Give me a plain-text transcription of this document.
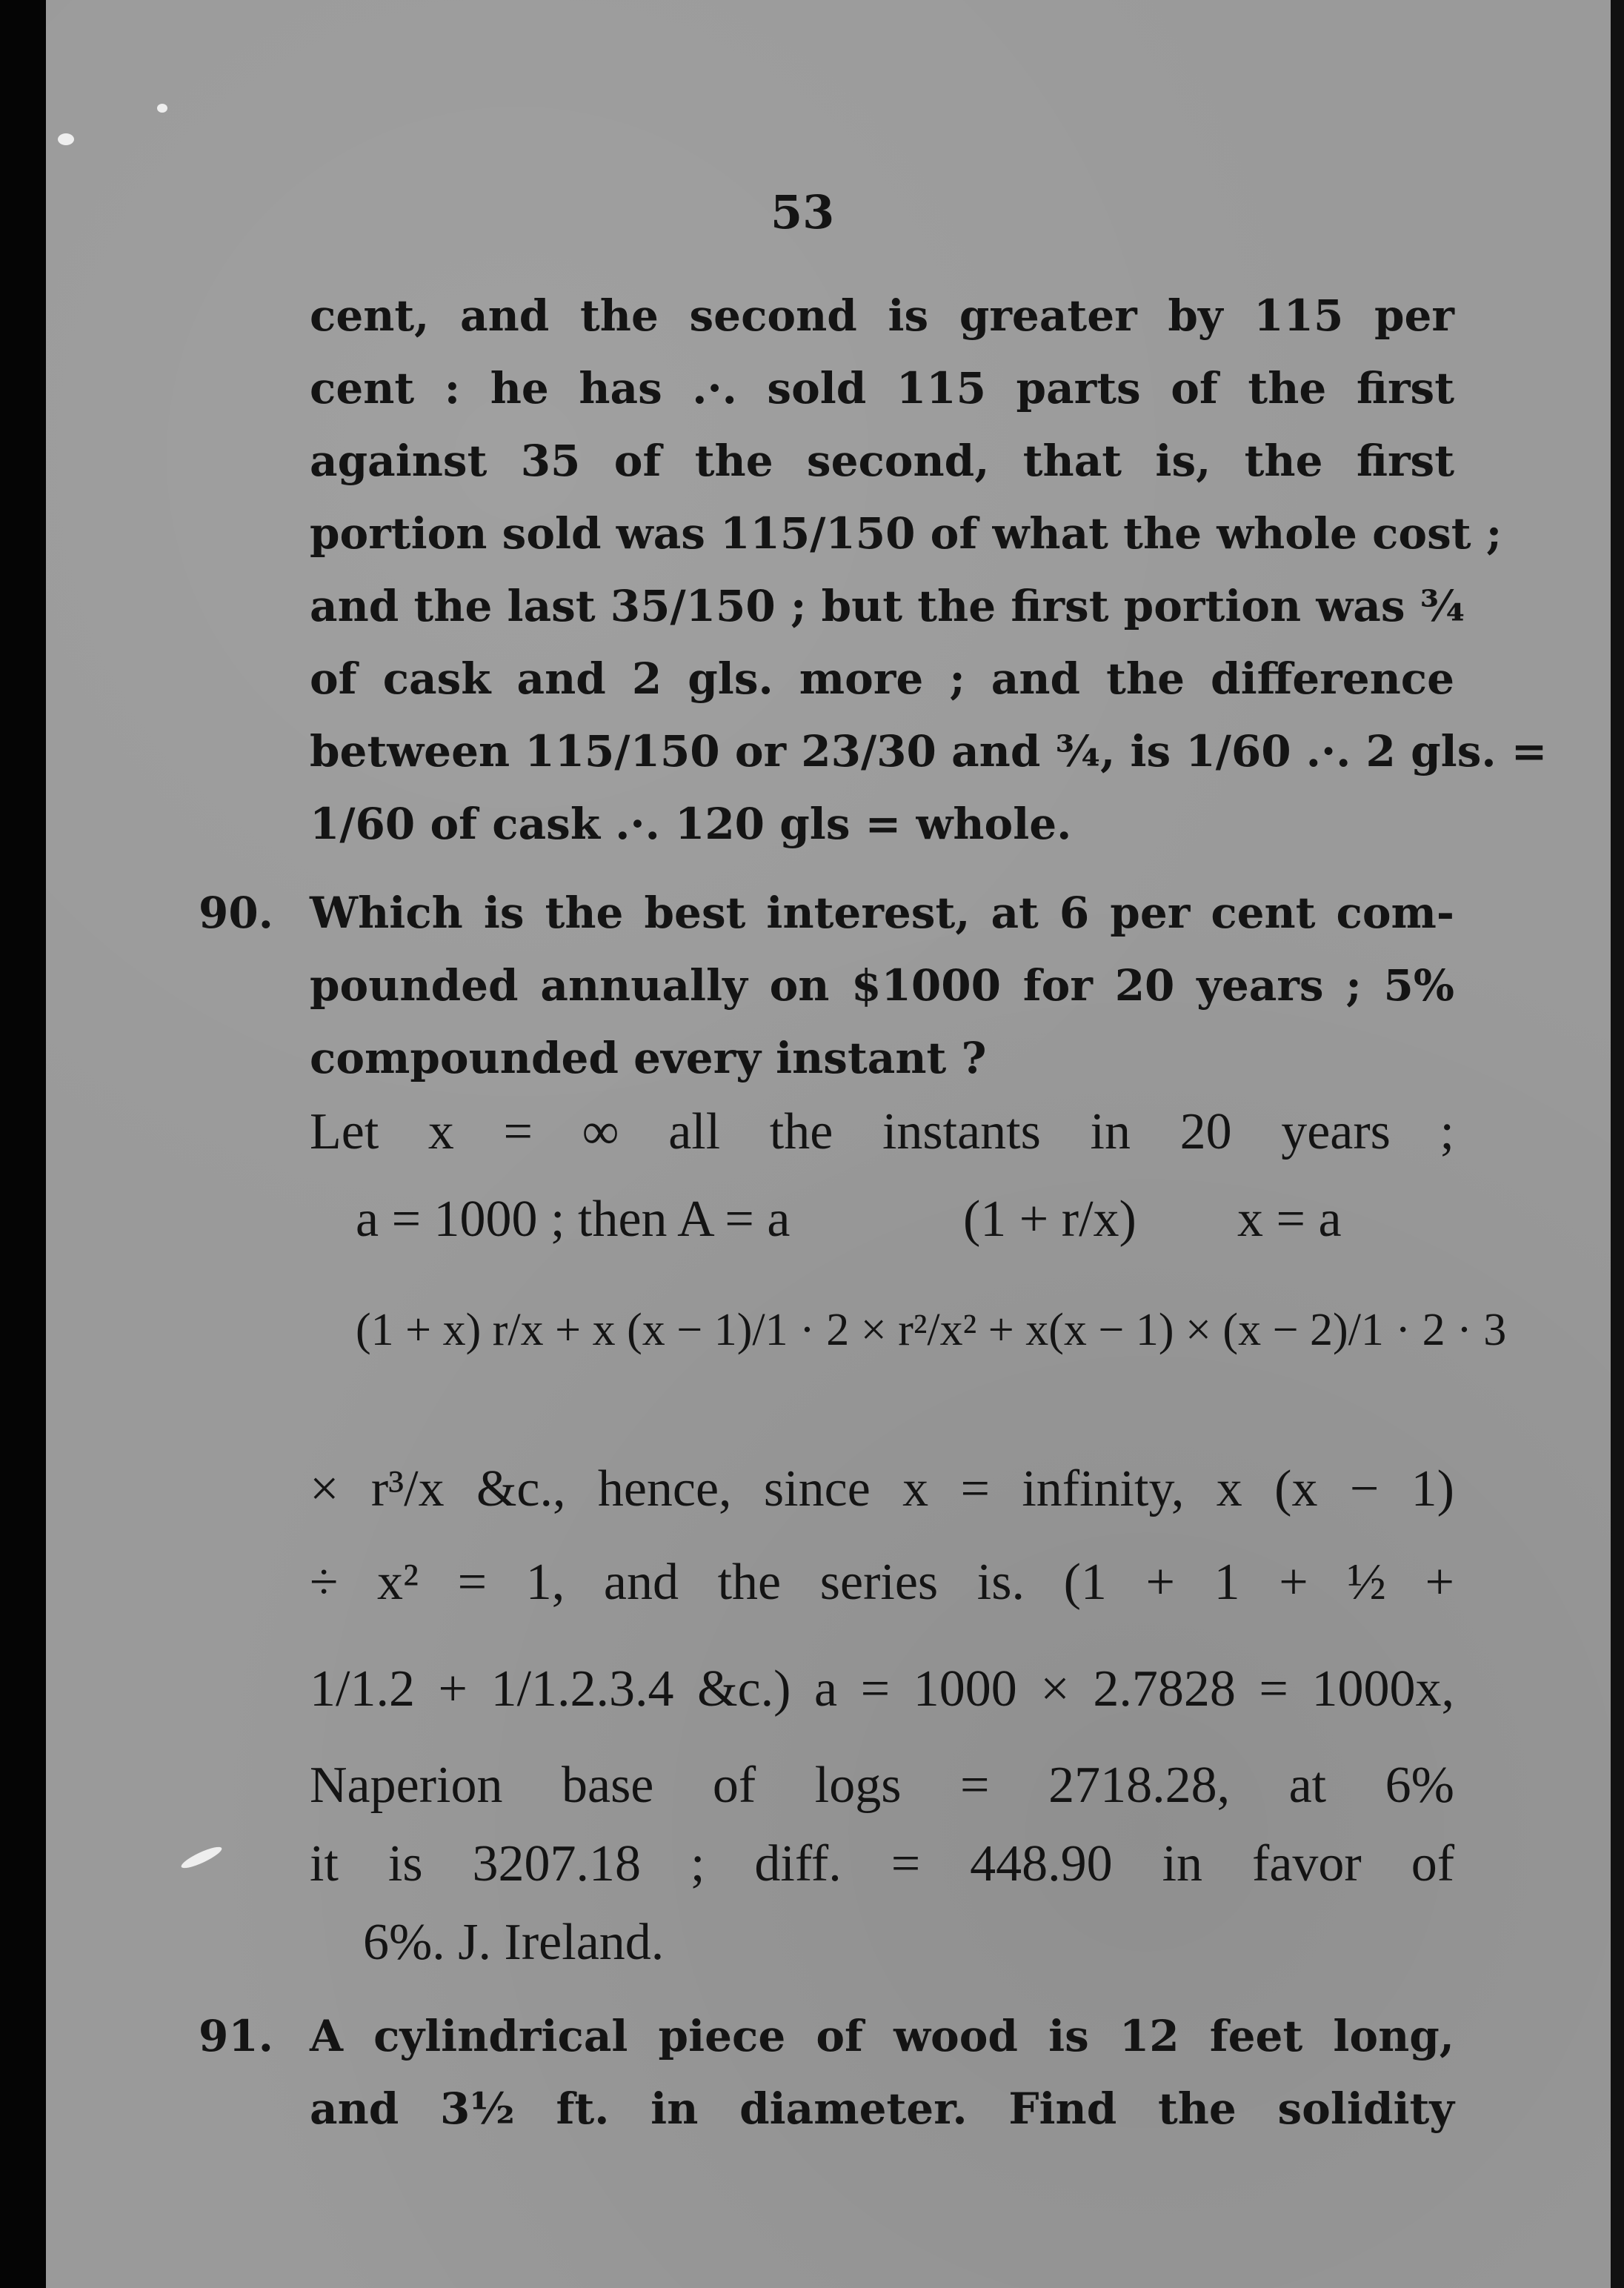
53
cent, and the second is greater by 115 per
cent : he has .·. sold 115 parts of the first
against 35 of the second, that is, the first
portion sold was 115/150 of what the whole cost ;
and the last 35/150 ; but the first portion was ¾
of cask and 2 gls. more ; and the difference
between 115/150 or 23/30 and ¾, is 1/60 .·. 2 gls. =
1/60 of cask .·. 120 gls = whole.
90. Which is the best interest, at 6 per cent com-
pounded annually on $1000 for 20 years ; 5%
compounded every instant ?
Let x = ∞ all the instants in 20 years ;
a = 1000 ; then A = a	(1 + r/x) x = a
(1 + x) r/x + x (x − 1)/1 · 2 × r²/x² + x(x − 1) × (x − 2)/1 · 2 · 3
× r³/x &c., hence, since x = infinity, x (x − 1)
÷ x² = 1, and the series is. (1 + 1 + ½ +
1/1.2 + 1/1.2.3.4 &c.) a = 1000 × 2.7828 = 1000x,
Naperion base of logs = 2718.28, at 6%
it is 3207.18 ; diff. = 448.90 in favor of
6%. J. Ireland.
91. A cylindrical piece of wood is 12 feet long,
and 3½ ft. in diameter. Find the solidity
